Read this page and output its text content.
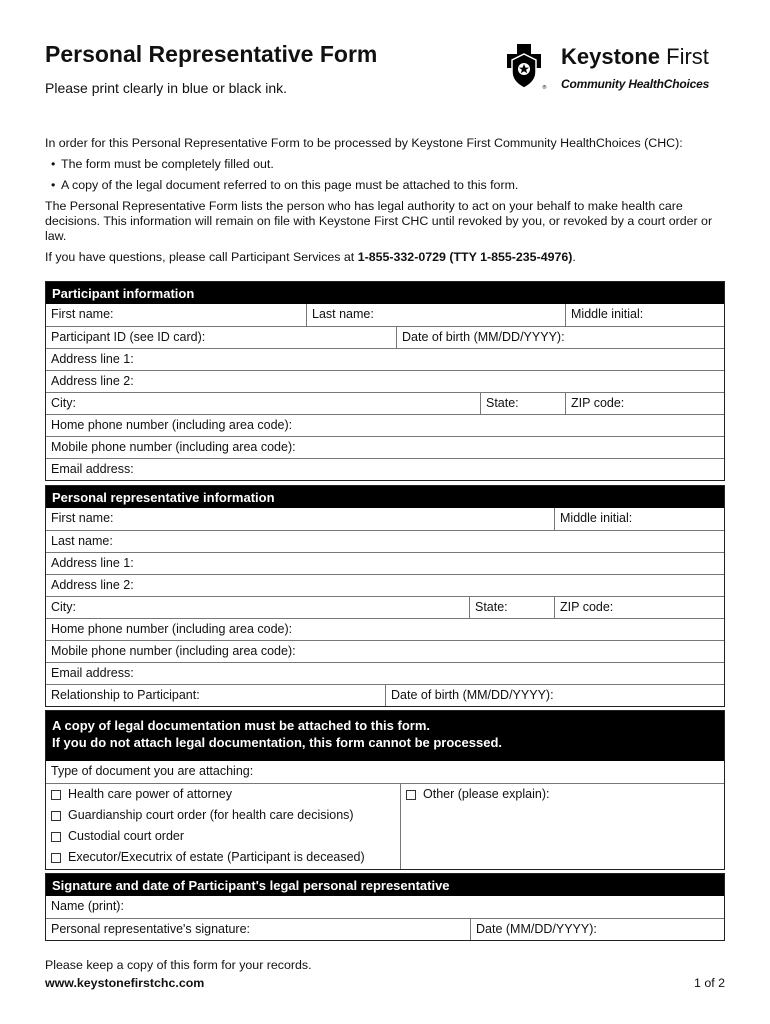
Personal Representative Form
Please print clearly in blue or black ink.	®
Keystone First
Community HealthChoices

In order for this Personal Representative Form to be processed by Keystone First Community HealthChoices (CHC):

• The form must be completely filled out.
• A copy of the legal document referred to on this page must be attached to this form.

The Personal Representative Form lists the person who has legal authority to act on your behalf to make health care decisions. This information will remain on file with Keystone First CHC until revoked by you, or revoked by a court order or law.

If you have questions, please call Participant Services at 1-855-332-0729 (TTY 1-855-235-4976).

Participant information
First name:	Last name:	Middle initial:
Participant ID (see ID card):	Date of birth (MM/DD/YYYY):
Address line 1:
Address line 2:
City:	State:	ZIP code:
Home phone number (including area code):
Mobile phone number (including area code):
Email address:
Personal representative information
First name:	Middle initial:
Last name:
Address line 1:
Address line 2:
City:	State:	ZIP code:
Home phone number (including area code):
Mobile phone number (including area code):
Email address:
Relationship to Participant:	Date of birth (MM/DD/YYYY):
A copy of legal documentation must be attached to this form.
If you do not attach legal documentation, this form cannot be processed.
Type of document you are attaching:
Health care power of attorney
Guardianship court order (for health care decisions)
Custodial court order
Executor/Executrix of estate (Participant is deceased)
Other (please explain):
Signature and date of Participant's legal personal representative
Name (print):
Personal representative's signature:	Date (MM/DD/YYYY):
Please keep a copy of this form for your records.
www.keystonefirstchc.com	1 of 2
